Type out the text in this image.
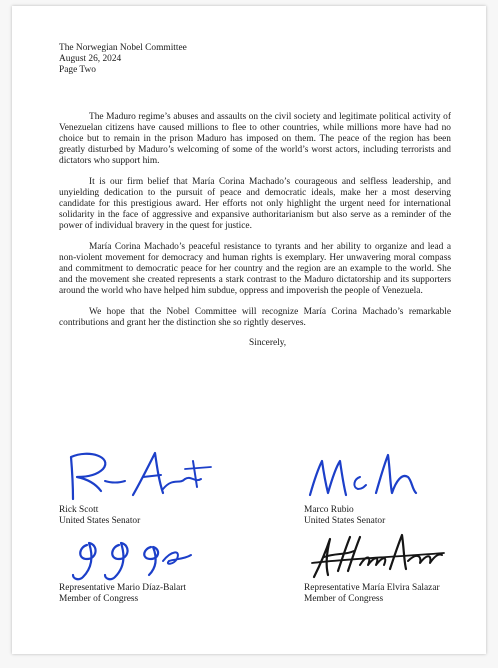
The Norwegian Nobel Committee

August 26, 2024

Page Two

The Maduro regime’s abuses and assaults on the civil society and legitimate political activity of Venezuelan citizens have caused millions to flee to other countries, while millions more have had no choice but to remain in the prison Maduro has imposed on them. The peace of the region has been greatly disturbed by Maduro’s welcoming of some of the world’s worst actors, including terrorists and dictators who support him.

It is our firm belief that María Corina Machado’s courageous and selfless leadership, and unyielding dedication to the pursuit of peace and democratic ideals, make her a most deserving candidate for this prestigious award. Her efforts not only highlight the urgent need for international solidarity in the face of aggressive and expansive authoritarianism but also serve as a reminder of the power of individual bravery in the quest for justice.

María Corina Machado’s peaceful resistance to tyrants and her ability to organize and lead a non-violent movement for democracy and human rights is exemplary. Her unwavering moral compass and commitment to democratic peace for her country and the region are an example to the world. She and the movement she created represents a stark contrast to the Maduro dictatorship and its supporters around the world who have helped him subdue, oppress and impoverish the people of Venezuela.

We hope that the Nobel Committee will recognize María Corina Machado’s remarkable contributions and grant her the distinction she so rightly deserves.

Sincerely,

Rick Scott

United States Senator

Marco Rubio

United States Senator

Representative Mario Díaz-Balart

Member of Congress

Representative María Elvira Salazar

Member of Congress
